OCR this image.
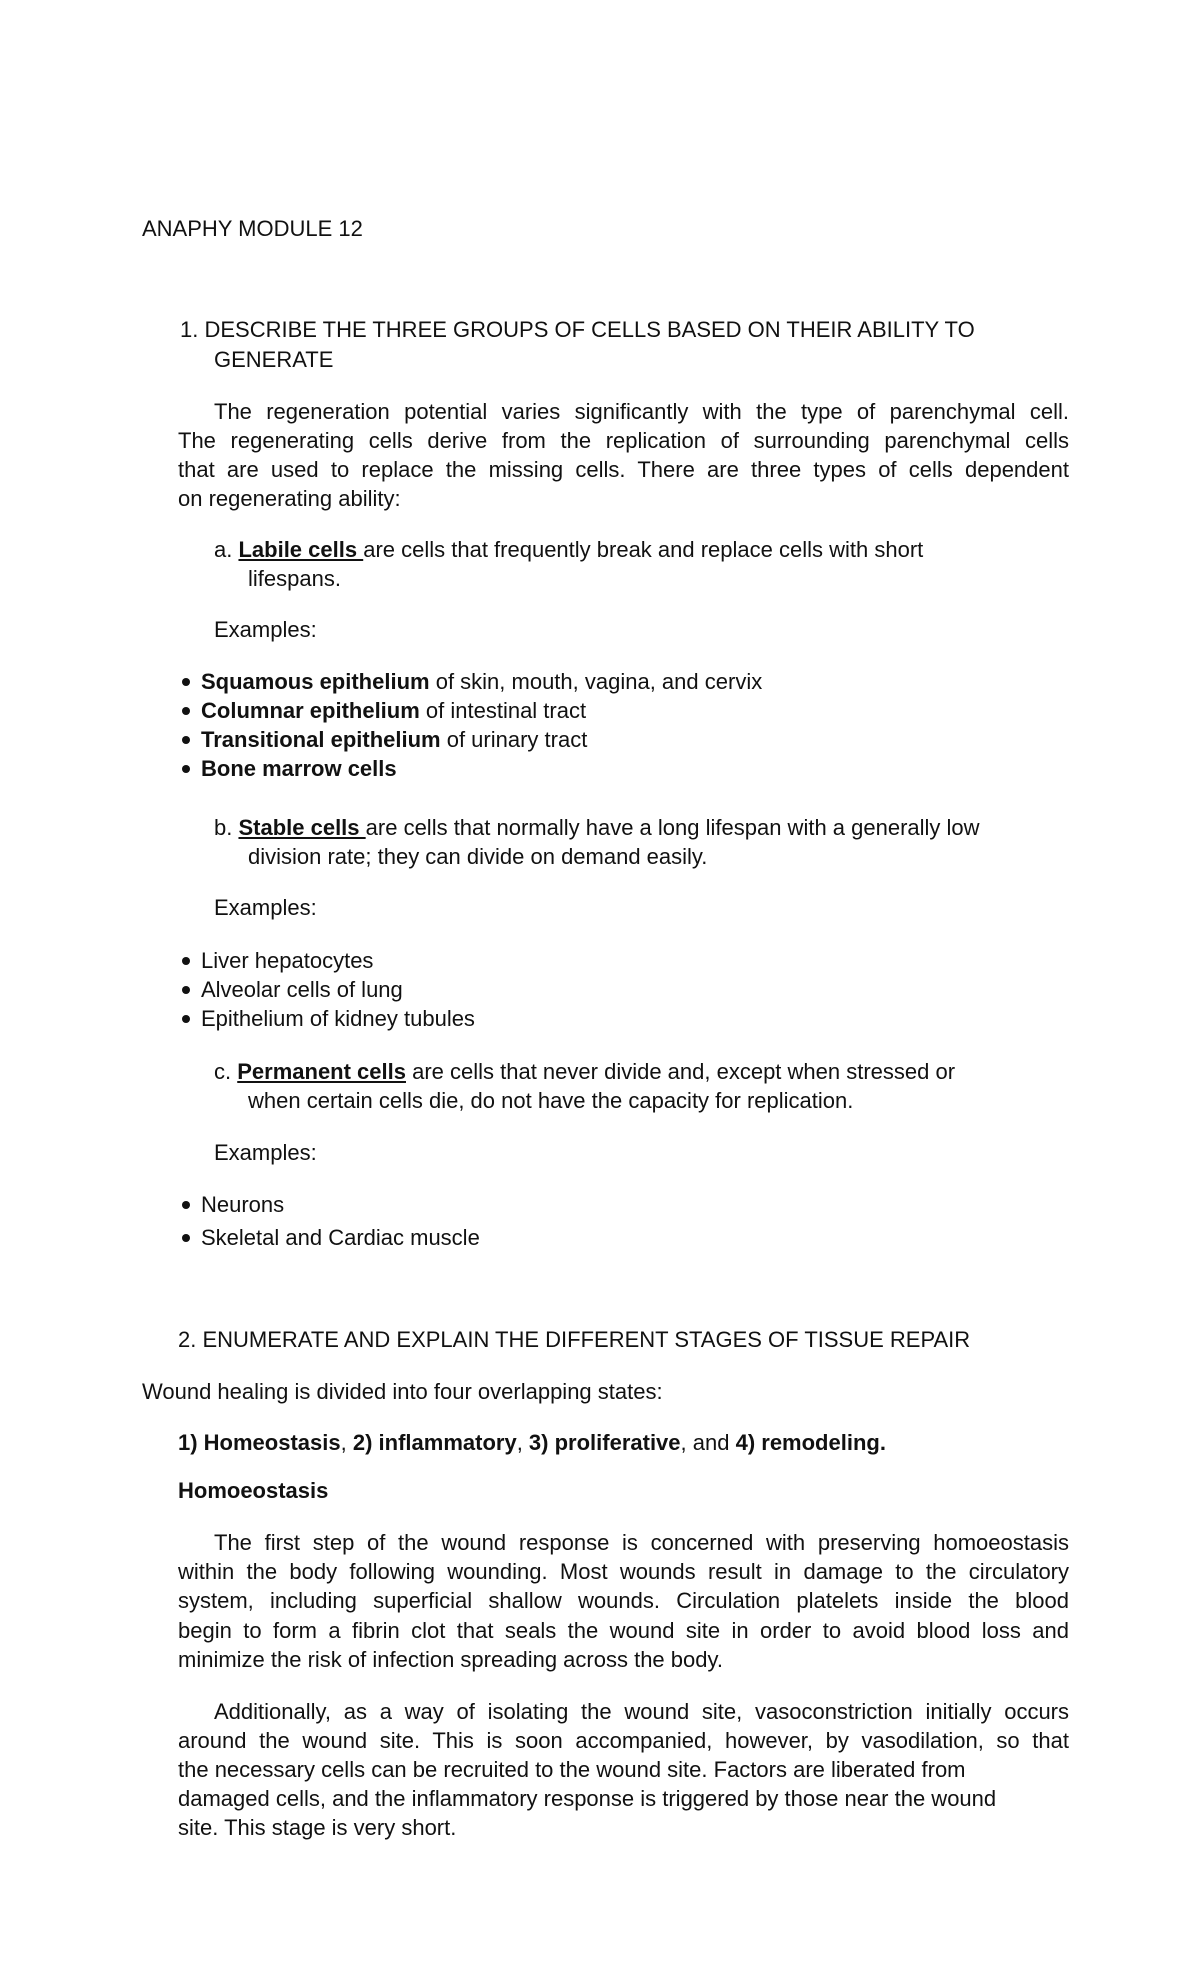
ANAPHY MODULE 12

1. DESCRIBE THE THREE GROUPS OF CELLS BASED ON THEIR ABILITY TO

GENERATE

The regeneration potential varies significantly with the type of parenchymal cell.

The regenerating cells derive from the replication of surrounding parenchymal cells

that are used to replace the missing cells. There are three types of cells dependent

on regenerating ability:

a. Labile cells are cells that frequently break and replace cells with short

lifespans.

Examples:

Squamous epithelium of skin, mouth, vagina, and cervix

Columnar epithelium of intestinal tract

Transitional epithelium of urinary tract

Bone marrow cells

b. Stable cells are cells that normally have a long lifespan with a generally low

division rate; they can divide on demand easily.

Examples:

Liver hepatocytes

Alveolar cells of lung

Epithelium of kidney tubules

c. Permanent cells are cells that never divide and, except when stressed or

when certain cells die, do not have the capacity for replication.

Examples:

Neurons

Skeletal and Cardiac muscle

2. ENUMERATE AND EXPLAIN THE DIFFERENT STAGES OF TISSUE REPAIR

Wound healing is divided into four overlapping states:

1) Homeostasis, 2) inflammatory, 3) proliferative, and 4) remodeling.

Homoeostasis

The first step of the wound response is concerned with preserving homoeostasis

within the body following wounding. Most wounds result in damage to the circulatory

system, including superficial shallow wounds. Circulation platelets inside the blood

begin to form a fibrin clot that seals the wound site in order to avoid blood loss and

minimize the risk of infection spreading across the body.

Additionally, as a way of isolating the wound site, vasoconstriction initially occurs

around the wound site. This is soon accompanied, however, by vasodilation, so that

the necessary cells can be recruited to the wound site. Factors are liberated from

damaged cells, and the inflammatory response is triggered by those near the wound

site. This stage is very short.
